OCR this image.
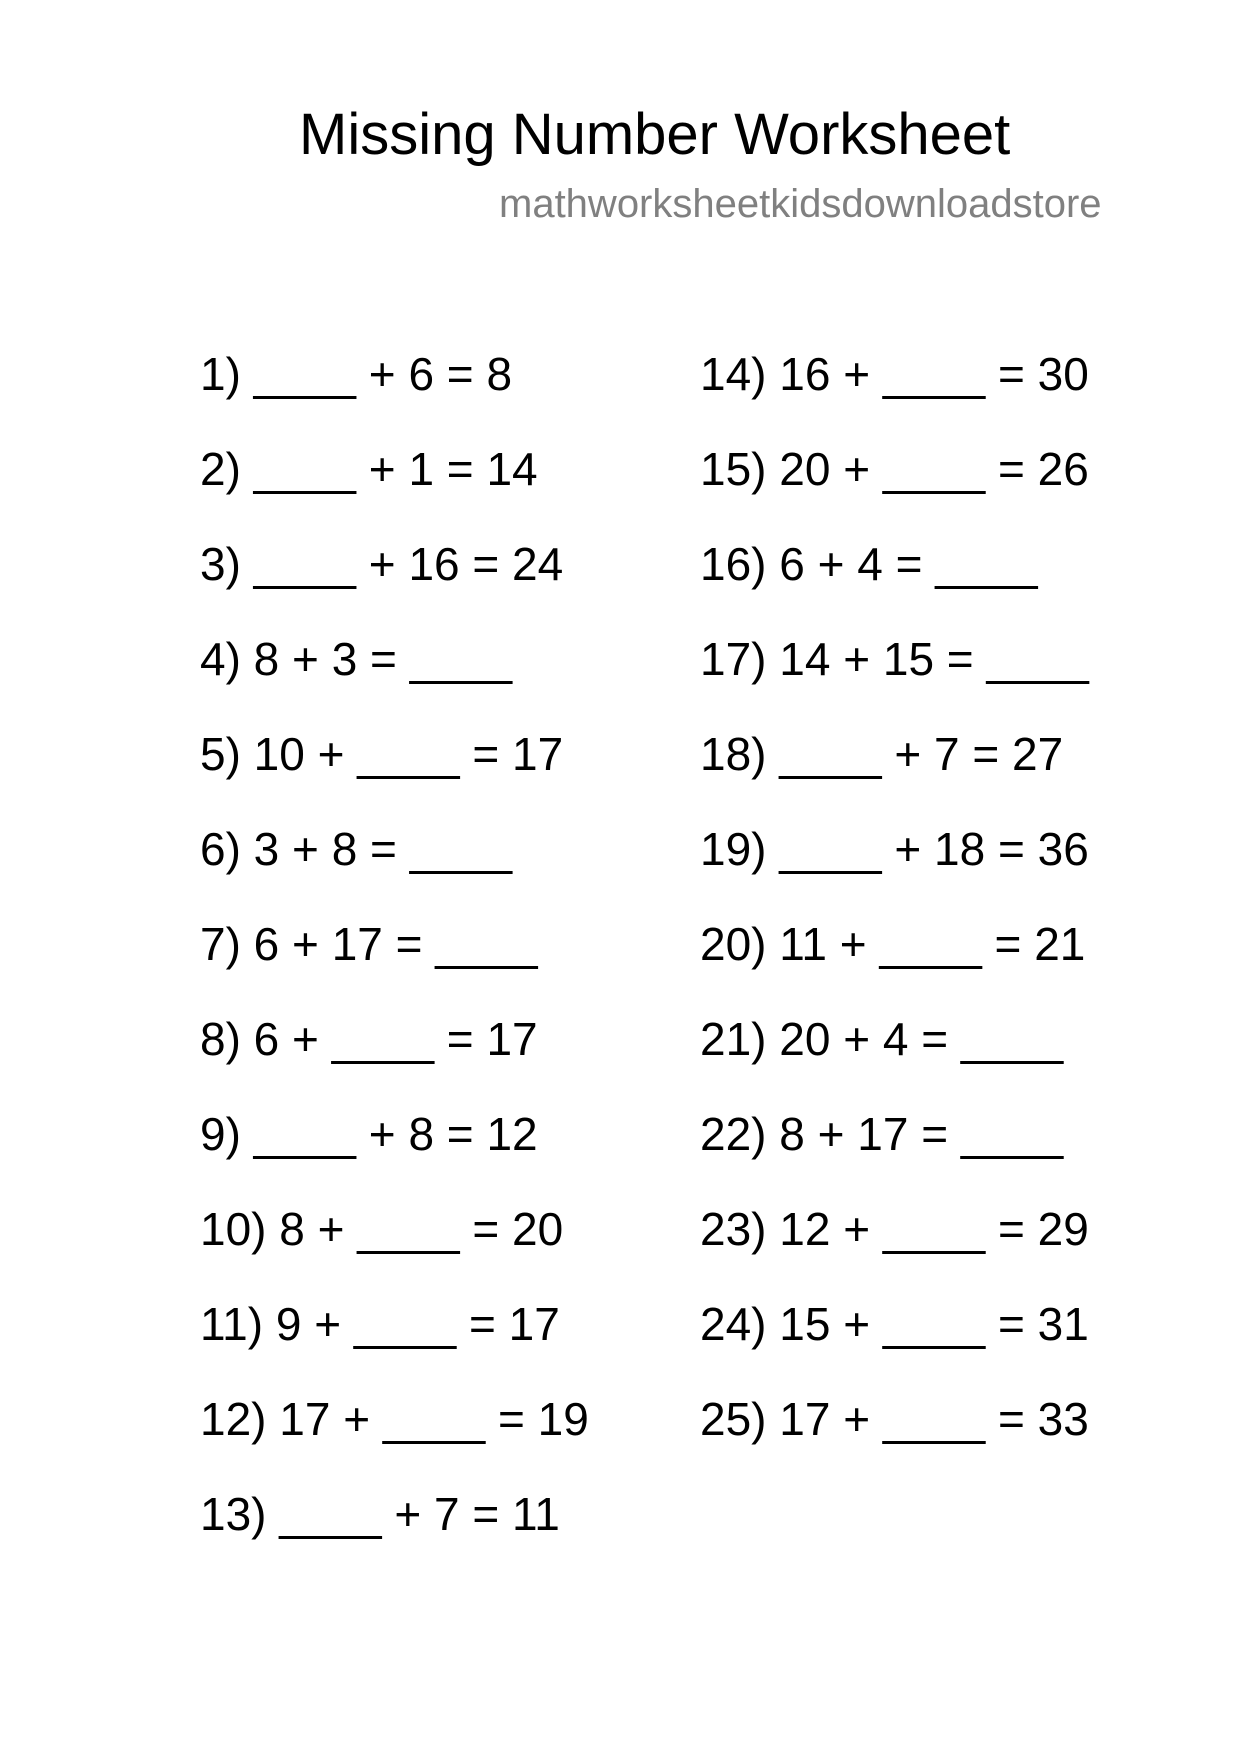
Missing Number Worksheet
mathworksheetkidsdownloadstore
1) ____ + 6 = 8
2) ____ + 1 = 14
3) ____ + 16 = 24
4) 8 + 3 = ____
5) 10 + ____ = 17
6) 3 + 8 = ____
7) 6 + 17 = ____
8) 6 + ____ = 17
9) ____ + 8 = 12
10) 8 + ____ = 20
11) 9 + ____ = 17
12) 17 + ____ = 19
13) ____ + 7 = 11
14) 16 + ____ = 30
15) 20 + ____ = 26
16) 6 + 4 = ____
17) 14 + 15 = ____
18) ____ + 7 = 27
19) ____ + 18 = 36
20) 11 + ____ = 21
21) 20 + 4 = ____
22) 8 + 17 = ____
23) 12 + ____ = 29
24) 15 + ____ = 31
25) 17 + ____ = 33
